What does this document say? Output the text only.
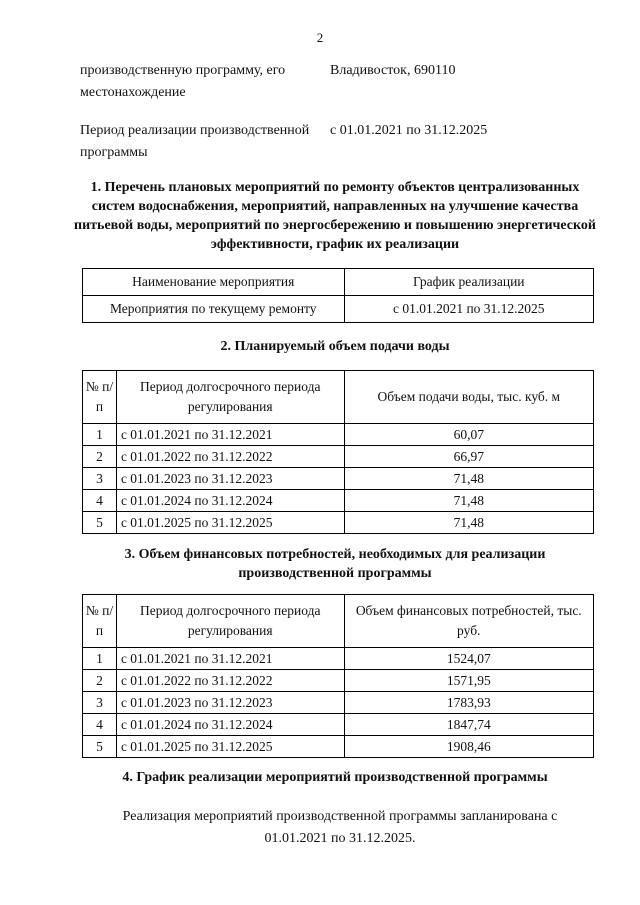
2
производственную программу, его местонахождение
Владивосток, 690110
Период реализации производственной программы
с 01.01.2021 по 31.12.2025
1. Перечень плановых мероприятий по ремонту объектов централизованных систем водоснабжения, мероприятий, направленных на улучшение качества питьевой воды, мероприятий по энергосбережению и повышению энергетической эффективности, график их реализации
Наименование мероприятия	График реализации
Мероприятия по текущему ремонту	с 01.01.2021 по 31.12.2025
2. Планируемый объем подачи воды
№ п/п	Период долгосрочного периода регулирования	Объем подачи воды, тыс. куб. м
1	с 01.01.2021 по 31.12.2021	60,07
2	с 01.01.2022 по 31.12.2022	66,97
3	с 01.01.2023 по 31.12.2023	71,48
4	с 01.01.2024 по 31.12.2024	71,48
5	с 01.01.2025 по 31.12.2025	71,48
3. Объем финансовых потребностей, необходимых для реализации производственной программы
№ п/п	Период долгосрочного периода регулирования	Объем финансовых потребностей, тыс. руб.
1	с 01.01.2021 по 31.12.2021	1524,07
2	с 01.01.2022 по 31.12.2022	1571,95
3	с 01.01.2023 по 31.12.2023	1783,93
4	с 01.01.2024 по 31.12.2024	1847,74
5	с 01.01.2025 по 31.12.2025	1908,46
4. График реализации мероприятий производственной программы
Реализация мероприятий производственной программы запланирована с 01.01.2021 по 31.12.2025.
